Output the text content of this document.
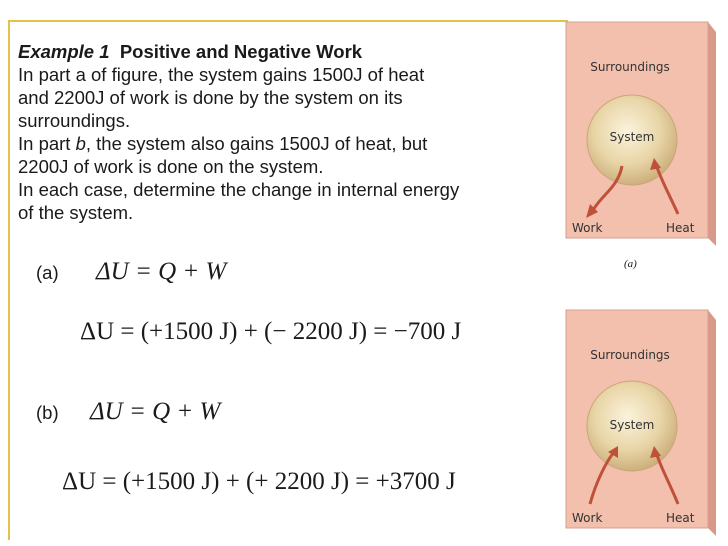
Example 1 Positive and Negative Work
In part a of figure, the system gains 1500J of heat
and 2200J of work is done by the system on its
surroundings.
In part b, the system also gains 1500J of heat, but
2200J of work is done on the system.
In each case, determine the change in internal energy
of the system.
(a) ΔU = Q + W
ΔU = (+1500 J) + (− 2200 J) = −700 J
(b) ΔU = Q + W
ΔU = (+1500 J) + (+ 2200 J) = +3700 J
Surroundings
System
Work	Heat
(a)
Surroundings
System
Work	Heat
